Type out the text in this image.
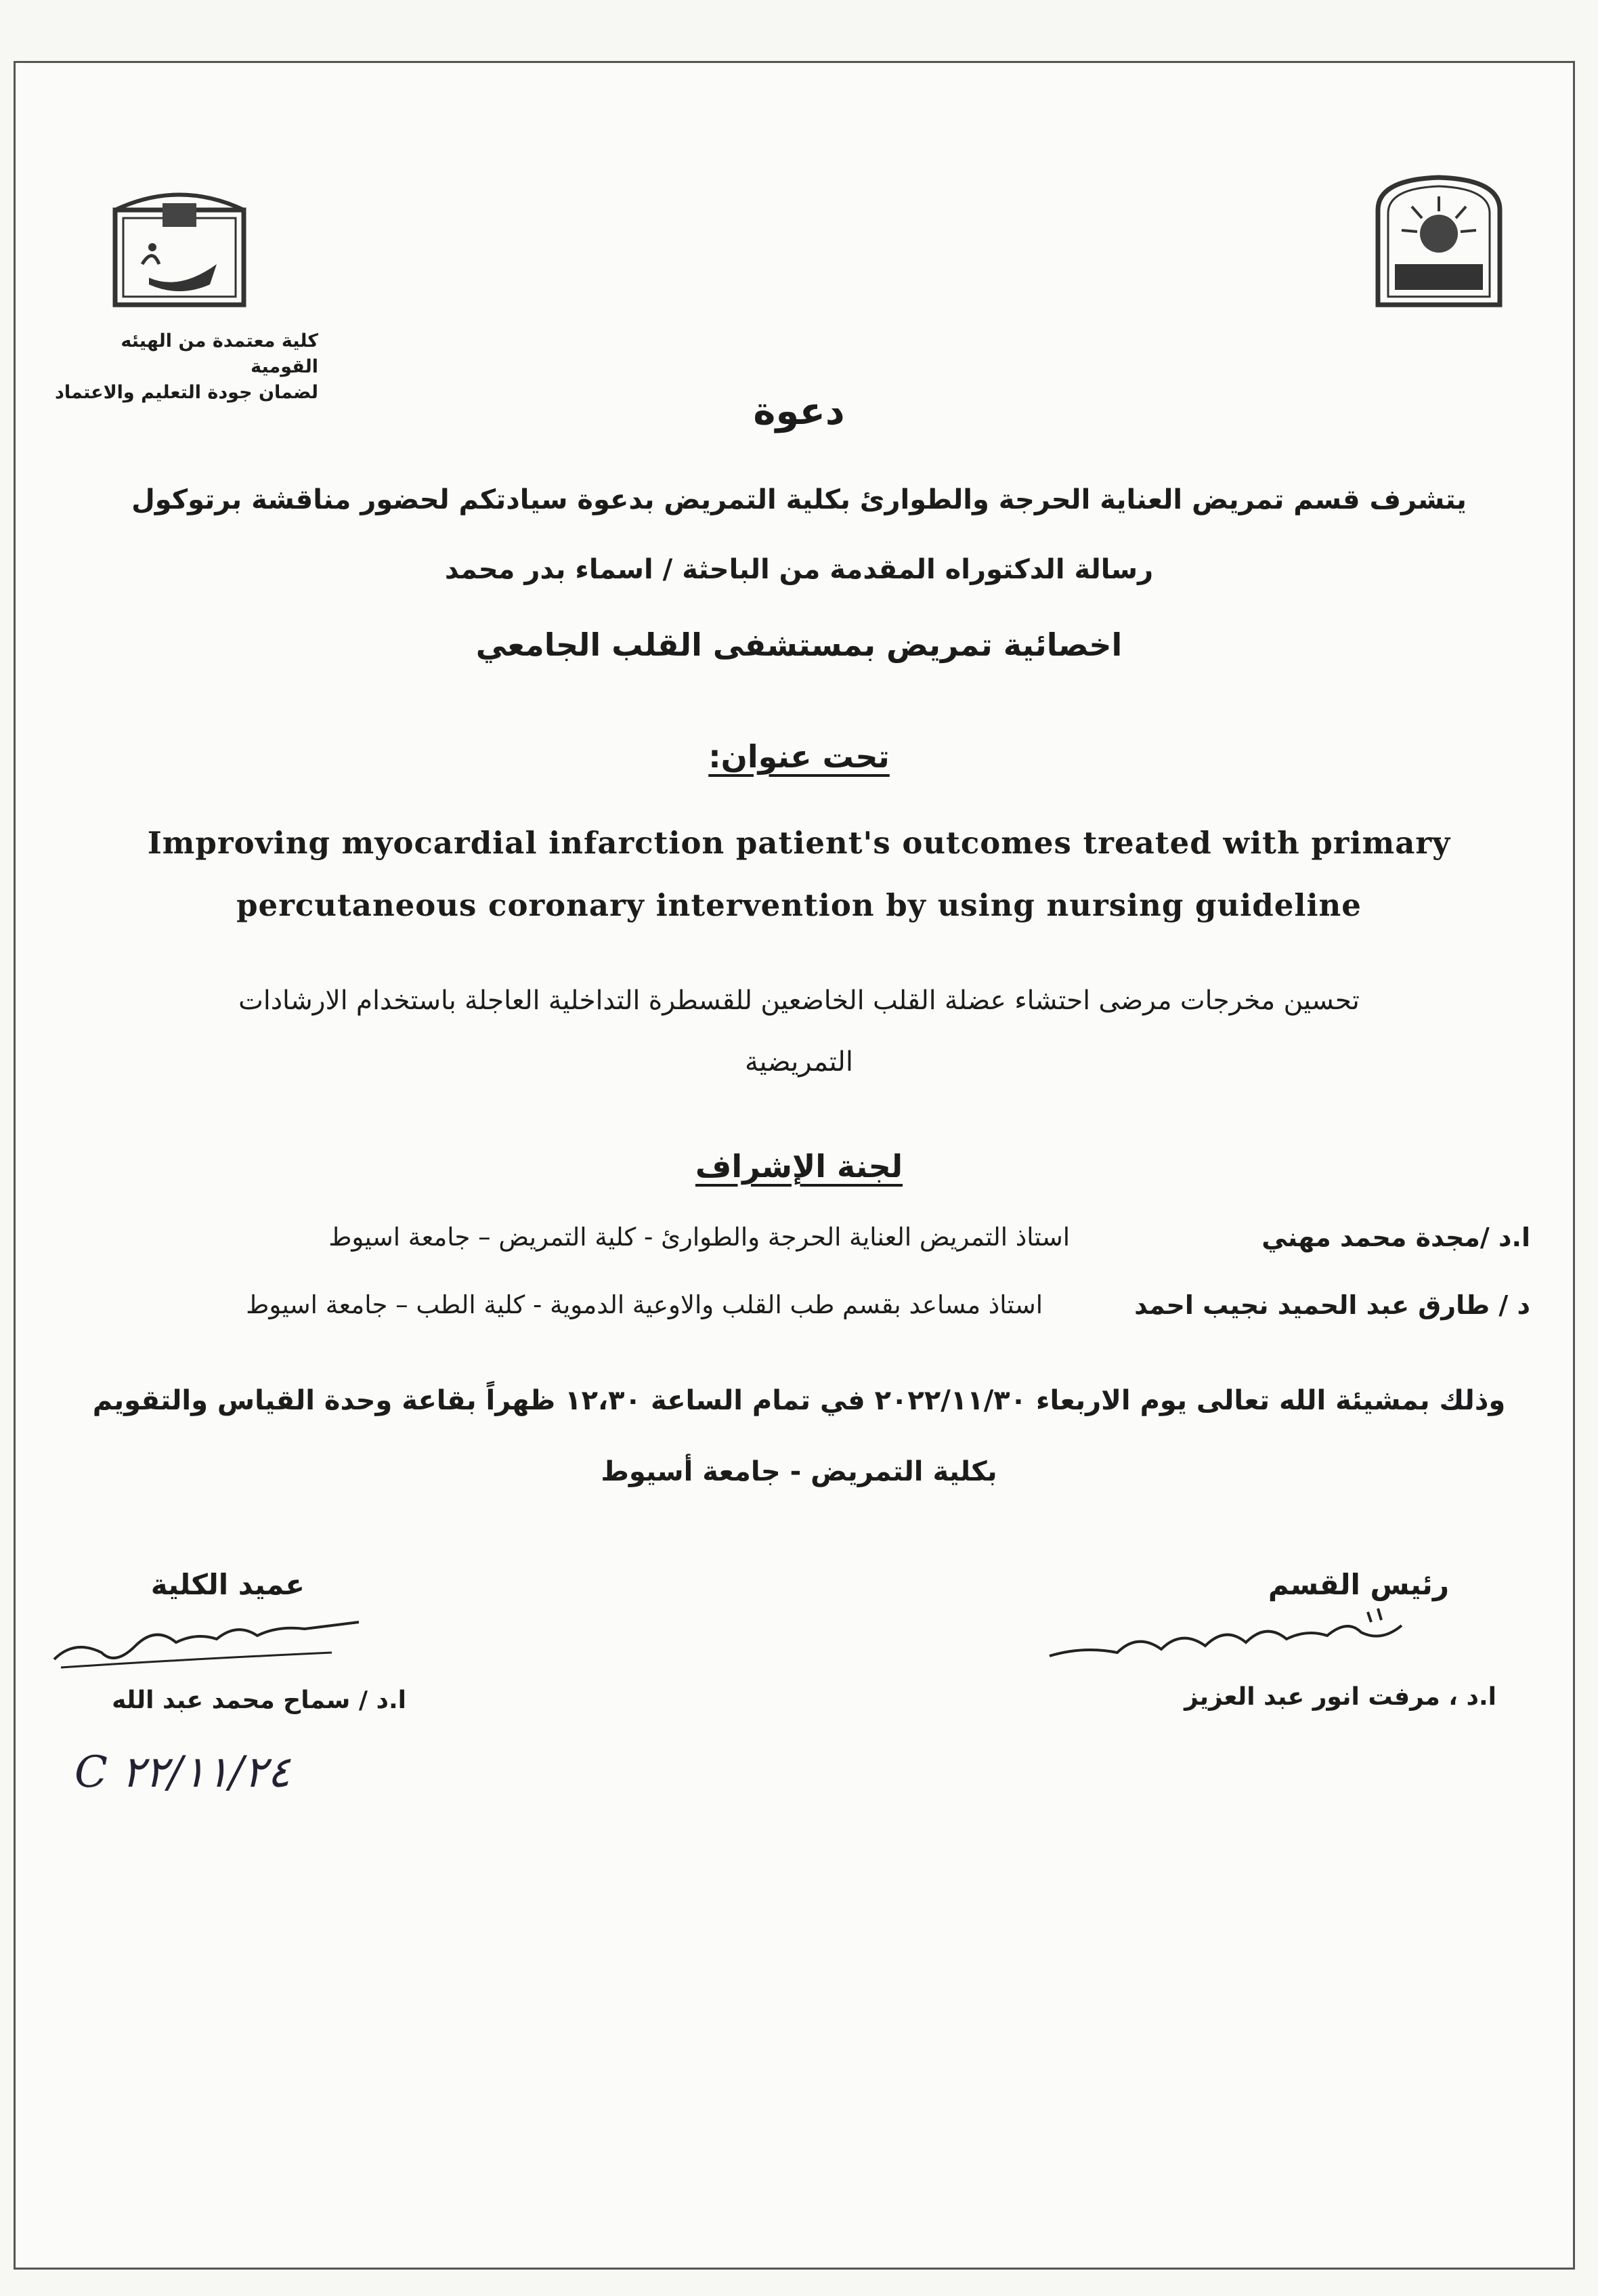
كلية معتمدة من الهيئه القومية
لضمان جودة التعليم والاعتماد	دعوة
يتشرف قسم تمريض العناية الحرجة والطوارئ بكلية التمريض بدعوة سيادتكم لحضور مناقشة برتوكول
رسالة الدكتوراه المقدمة من الباحثة / اسماء بدر محمد
اخصائية تمريض بمستشفى القلب الجامعي
تحت عنوان:
Improving myocardial infarction patient's outcomes treated with primary
percutaneous coronary intervention by using nursing guideline
تحسين مخرجات مرضى احتشاء عضلة القلب الخاضعين للقسطرة التداخلية العاجلة باستخدام الارشادات
التمريضية
لجنة الإشراف
ا.د /مجدة محمد مهني
استاذ التمريض العناية الحرجة والطوارئ - كلية التمريض – جامعة اسيوط
د / طارق عبد الحميد نجيب احمد
استاذ مساعد بقسم طب القلب والاوعية الدموية - كلية الطب – جامعة اسيوط
وذلك بمشيئة الله تعالى يوم الاربعاء ٢٠٢٢/١١/٣٠ في تمام الساعة ١٢،٣٠ ظهراً بقاعة وحدة القياس والتقويم
بكلية التمريض - جامعة أسيوط
رئيس القسم
ا.د ، مرفت انور عبد العزيز
عميد الكلية
ا.د / سماح محمد عبد الله
C ۲۲/۱۱/۲٤
